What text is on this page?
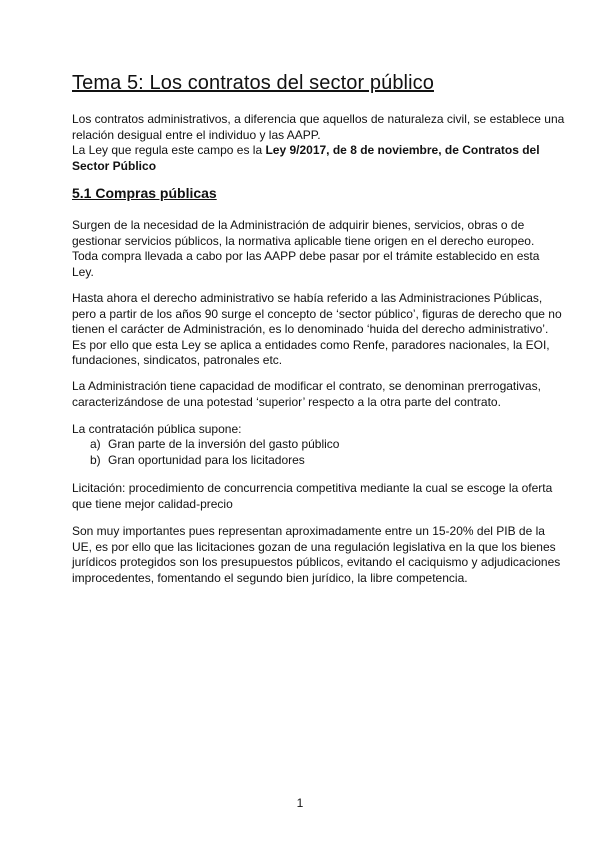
Tema 5: Los contratos del sector público

Los contratos administrativos, a diferencia que aquellos de naturaleza civil, se establece una
relación desigual entre el individuo y las AAPP.
La Ley que regula este campo es la Ley 9/2017, de 8 de noviembre, de Contratos del
Sector Público

5.1 Compras públicas

Surgen de la necesidad de la Administración de adquirir bienes, servicios, obras o de
gestionar servicios públicos, la normativa aplicable tiene origen en el derecho europeo.
Toda compra llevada a cabo por las AAPP debe pasar por el trámite establecido en esta
Ley.

Hasta ahora el derecho administrativo se había referido a las Administraciones Públicas,
pero a partir de los años 90 surge el concepto de ‘sector público’, figuras de derecho que no
tienen el carácter de Administración, es lo denominado ‘huida del derecho administrativo’.
Es por ello que esta Ley se aplica a entidades como Renfe, paradores nacionales, la EOI,
fundaciones, sindicatos, patronales etc.

La Administración tiene capacidad de modificar el contrato, se denominan prerrogativas,
caracterizándose de una potestad ‘superior’ respecto a la otra parte del contrato.

La contratación pública supone:

a) Gran parte de la inversión del gasto público
b) Gran oportunidad para los licitadores

Licitación: procedimiento de concurrencia competitiva mediante la cual se escoge la oferta
que tiene mejor calidad-precio

Son muy importantes pues representan aproximadamente entre un 15-20% del PIB de la
UE, es por ello que las licitaciones gozan de una regulación legislativa en la que los bienes
jurídicos protegidos son los presupuestos públicos, evitando el caciquismo y adjudicaciones
improcedentes, fomentando el segundo bien jurídico, la libre competencia.

1
